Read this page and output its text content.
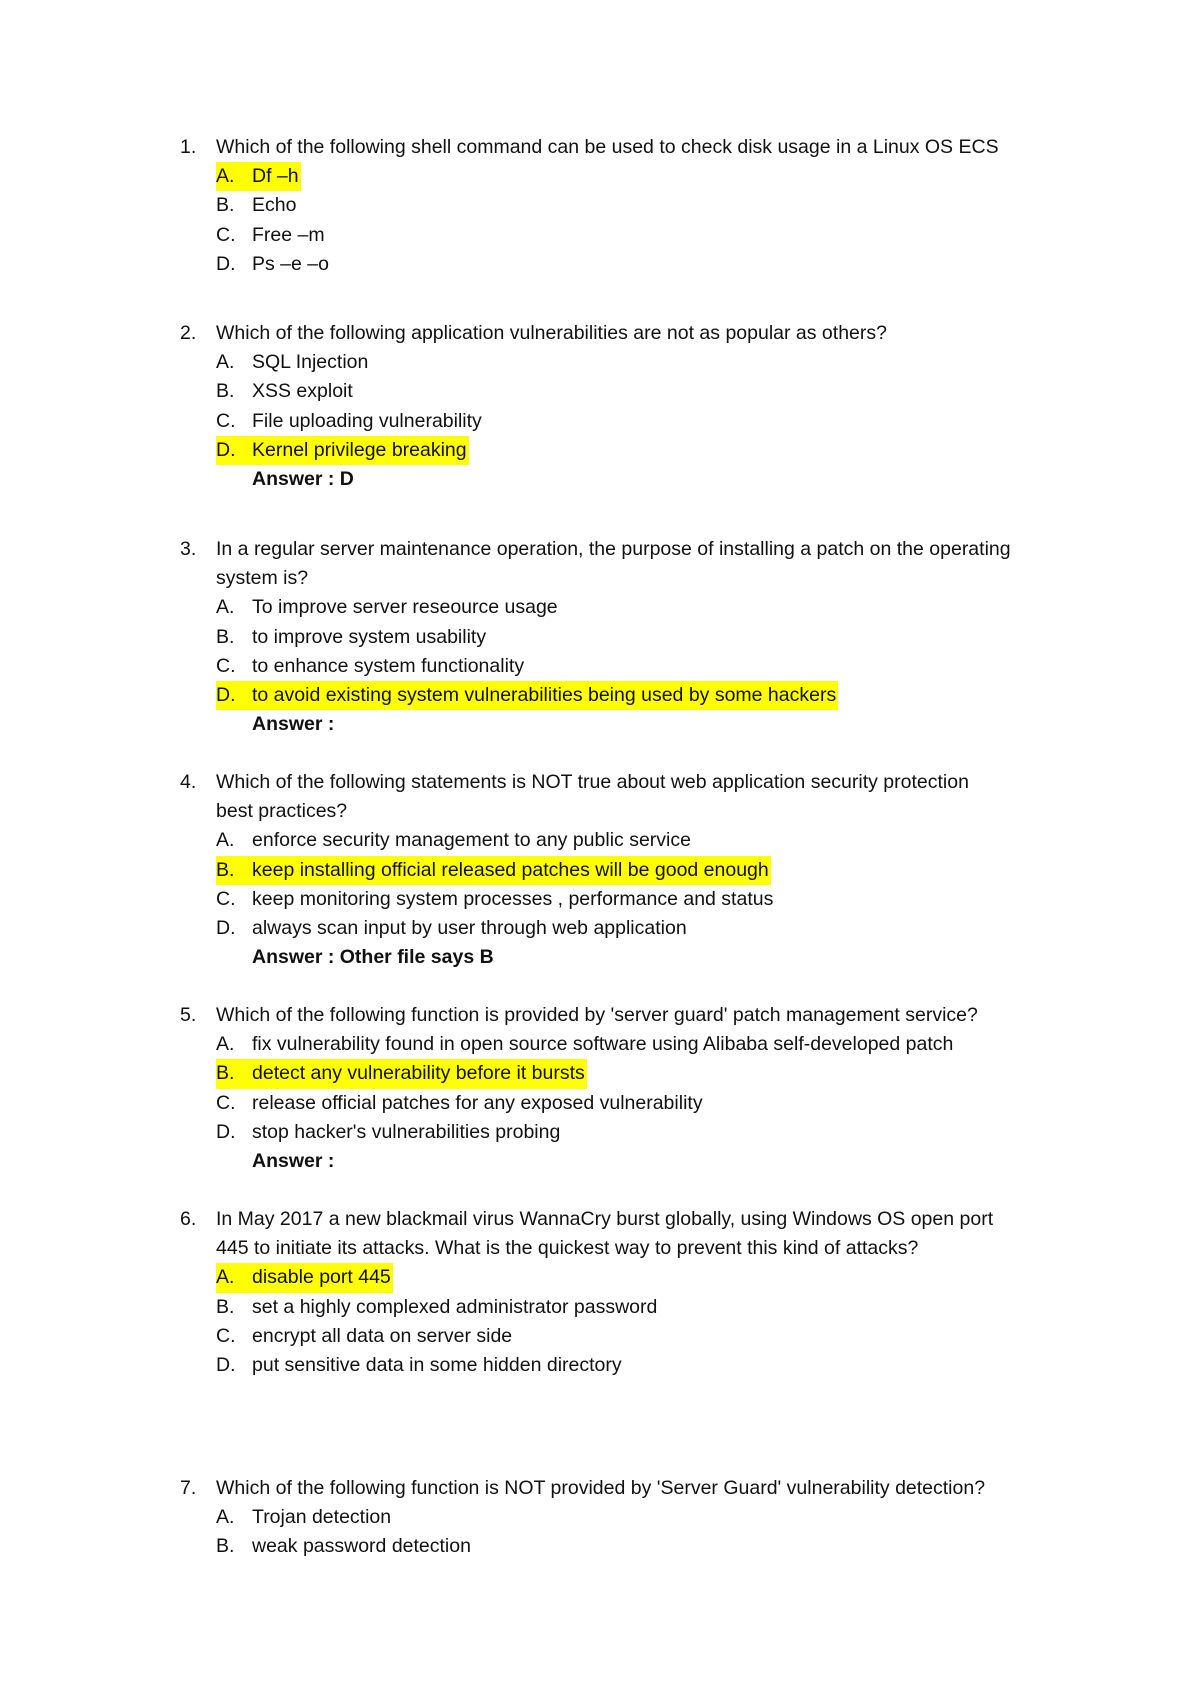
1. Which of the following shell command can be used to check disk usage in a Linux OS ECS
A. Df –h
B. Echo
C. Free –m
D. Ps –e –o
2. Which of the following application vulnerabilities are not as popular as others?
A. SQL Injection
B. XSS exploit
C. File uploading vulnerability
D. Kernel privilege breaking
Answer : D
3. In a regular server maintenance operation, the purpose of installing a patch on the operating
system is?
A. To improve server reseource usage
B. to improve system usability
C. to enhance system functionality
D. to avoid existing system vulnerabilities being used by some hackers
Answer :
4. Which of the following statements is NOT true about web application security protection
best practices?
A. enforce security management to any public service
B. keep installing official released patches will be good enough
C. keep monitoring system processes , performance and status
D. always scan input by user through web application
Answer : Other file says B
5. Which of the following function is provided by 'server guard' patch management service?
A. fix vulnerability found in open source software using Alibaba self-developed patch
B. detect any vulnerability before it bursts
C. release official patches for any exposed vulnerability
D. stop hacker's vulnerabilities probing
Answer :
6. In May 2017 a new blackmail virus WannaCry burst globally, using Windows OS open port
445 to initiate its attacks. What is the quickest way to prevent this kind of attacks?
A. disable port 445
B. set a highly complexed administrator password
C. encrypt all data on server side
D. put sensitive data in some hidden directory
7. Which of the following function is NOT provided by 'Server Guard' vulnerability detection?
A. Trojan detection
B. weak password detection
